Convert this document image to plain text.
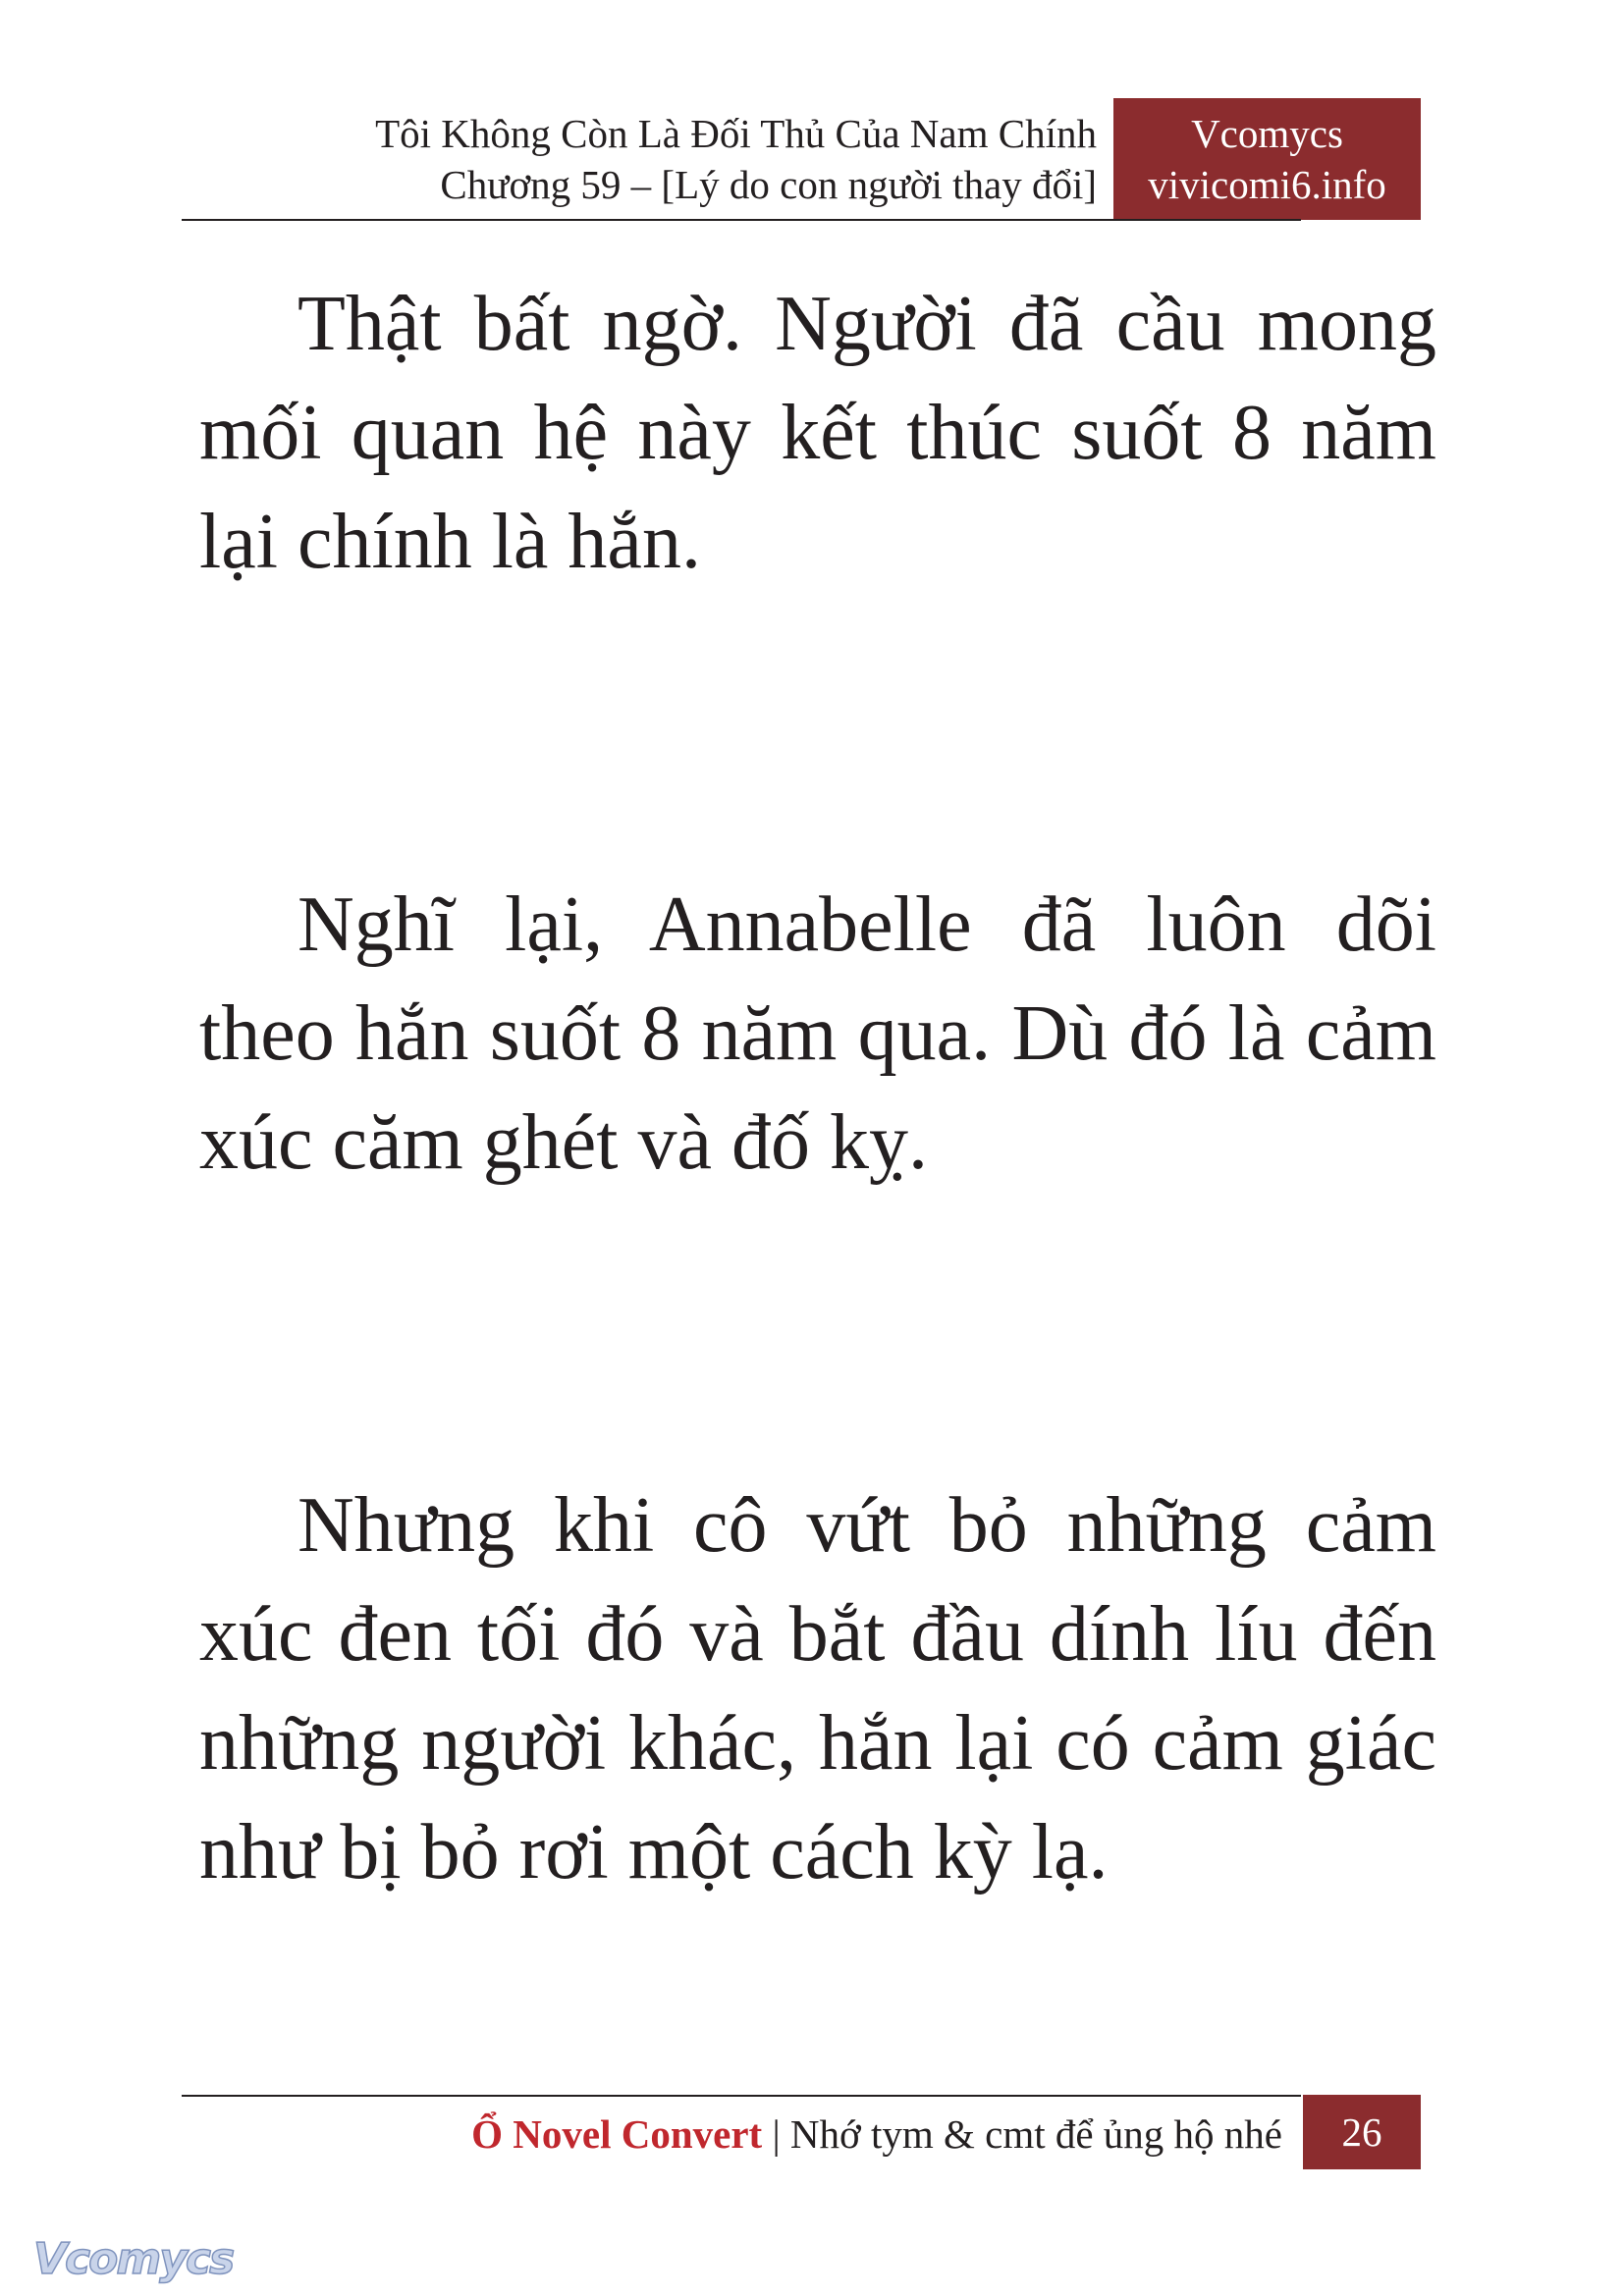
Tôi Không Còn Là Đối Thủ Của Nam Chính
Chương 59 – [Lý do con người thay đổi]
Vcomycs
vivicomi6.info

Thật bất ngờ. Người đã cầu mong mối quan hệ này kết thúc suốt 8 năm lại chính là hắn.

Nghĩ lại, Annabelle đã luôn dõi theo hắn suốt 8 năm qua. Dù đó là cảm xúc căm ghét và đố kỵ.

Nhưng khi cô vứt bỏ những cảm xúc đen tối đó và bắt đầu dính líu đến những người khác, hắn lại có cảm giác như bị bỏ rơi một cách kỳ lạ.

Ổ Novel Convert | Nhớ tym & cmt để ủng hộ nhé	26
Vcomycs
